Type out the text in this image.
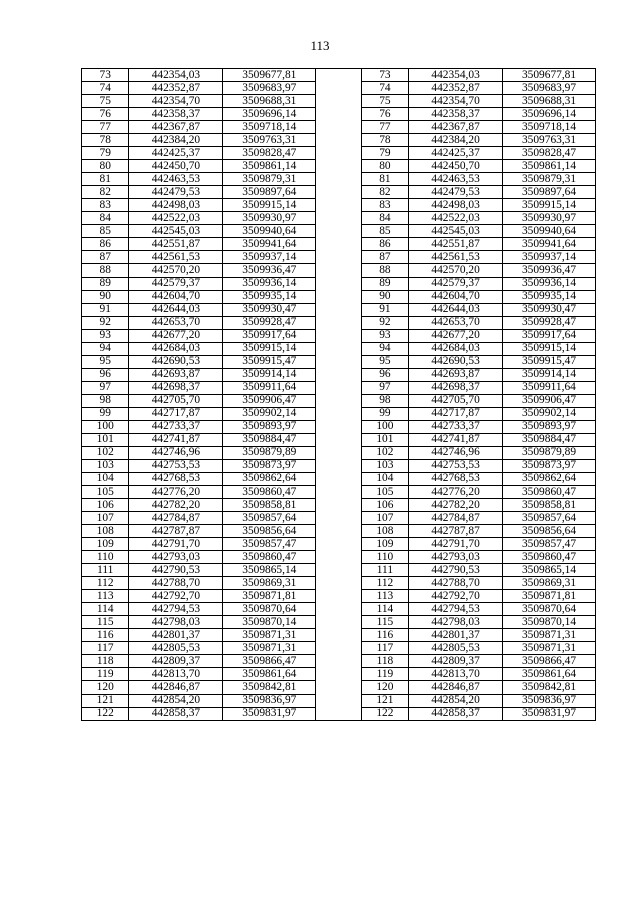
113
73	442354,03	3509677,81		73	442354,03	3509677,81
74	442352,87	3509683,97		74	442352,87	3509683,97
75	442354,70	3509688,31		75	442354,70	3509688,31
76	442358,37	3509696,14		76	442358,37	3509696,14
77	442367,87	3509718,14		77	442367,87	3509718,14
78	442384,20	3509763,31		78	442384,20	3509763,31
79	442425,37	3509828,47		79	442425,37	3509828,47
80	442450,70	3509861,14		80	442450,70	3509861,14
81	442463,53	3509879,31		81	442463,53	3509879,31
82	442479,53	3509897,64		82	442479,53	3509897,64
83	442498,03	3509915,14		83	442498,03	3509915,14
84	442522,03	3509930,97		84	442522,03	3509930,97
85	442545,03	3509940,64		85	442545,03	3509940,64
86	442551,87	3509941,64		86	442551,87	3509941,64
87	442561,53	3509937,14		87	442561,53	3509937,14
88	442570,20	3509936,47		88	442570,20	3509936,47
89	442579,37	3509936,14		89	442579,37	3509936,14
90	442604,70	3509935,14		90	442604,70	3509935,14
91	442644,03	3509930,47		91	442644,03	3509930,47
92	442653,70	3509928,47		92	442653,70	3509928,47
93	442677,20	3509917,64		93	442677,20	3509917,64
94	442684,03	3509915,14		94	442684,03	3509915,14
95	442690,53	3509915,47		95	442690,53	3509915,47
96	442693,87	3509914,14		96	442693,87	3509914,14
97	442698,37	3509911,64		97	442698,37	3509911,64
98	442705,70	3509906,47		98	442705,70	3509906,47
99	442717,87	3509902,14		99	442717,87	3509902,14
100	442733,37	3509893,97		100	442733,37	3509893,97
101	442741,87	3509884,47		101	442741,87	3509884,47
102	442746,96	3509879,89		102	442746,96	3509879,89
103	442753,53	3509873,97		103	442753,53	3509873,97
104	442768,53	3509862,64		104	442768,53	3509862,64
105	442776,20	3509860,47		105	442776,20	3509860,47
106	442782,20	3509858,81		106	442782,20	3509858,81
107	442784,87	3509857,64		107	442784,87	3509857,64
108	442787,87	3509856,64		108	442787,87	3509856,64
109	442791,70	3509857,47		109	442791,70	3509857,47
110	442793,03	3509860,47		110	442793,03	3509860,47
111	442790,53	3509865,14		111	442790,53	3509865,14
112	442788,70	3509869,31		112	442788,70	3509869,31
113	442792,70	3509871,81		113	442792,70	3509871,81
114	442794,53	3509870,64		114	442794,53	3509870,64
115	442798,03	3509870,14		115	442798,03	3509870,14
116	442801,37	3509871,31		116	442801,37	3509871,31
117	442805,53	3509871,31		117	442805,53	3509871,31
118	442809,37	3509866,47		118	442809,37	3509866,47
119	442813,70	3509861,64		119	442813,70	3509861,64
120	442846,87	3509842,81		120	442846,87	3509842,81
121	442854,20	3509836,97		121	442854,20	3509836,97
122	442858,37	3509831,97		122	442858,37	3509831,97
